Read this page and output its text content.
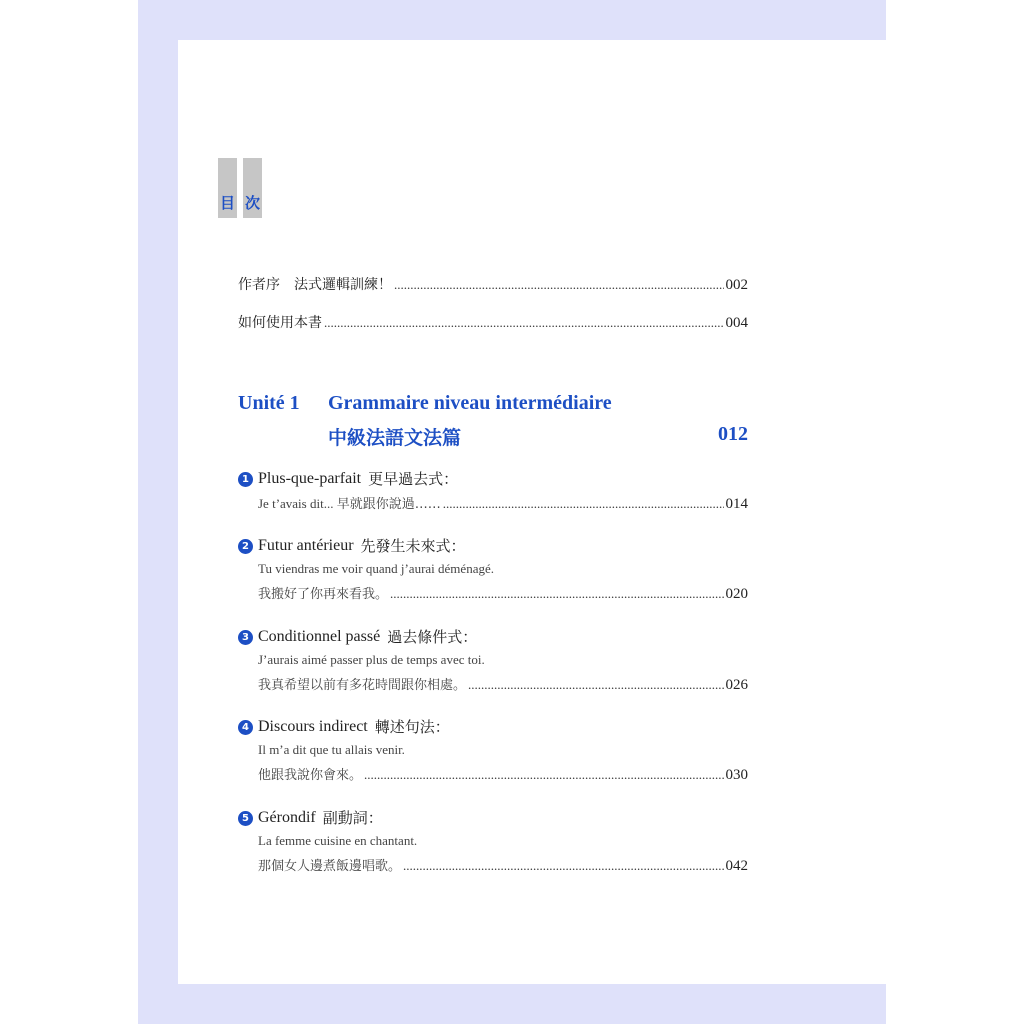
目 次
作者序　法式邏輯訓練！ .....	002
如何使用本書 .....	004
Unité 1 Grammaire niveau intermédiaire
中級法語文法篇	012
1 Plus-que-parfait 更早過去式：
Je t’avais dit... 早就跟你說過…… .....	014
2 Futur antérieur 先發生未來式：
Tu viendras me voir quand j’aurai déménagé.
我搬好了你再來看我。 .....	020
3 Conditionnel passé 過去條件式：
J’aurais aimé passer plus de temps avec toi.
我真希望以前有多花時間跟你相處。 .....	026
4 Discours indirect 轉述句法：
Il m’a dit que tu allais venir.
他跟我說你會來。 .....	030
5 Gérondif 副動詞：
La femme cuisine en chantant.
那個女人邊煮飯邊唱歌。 .....	042
